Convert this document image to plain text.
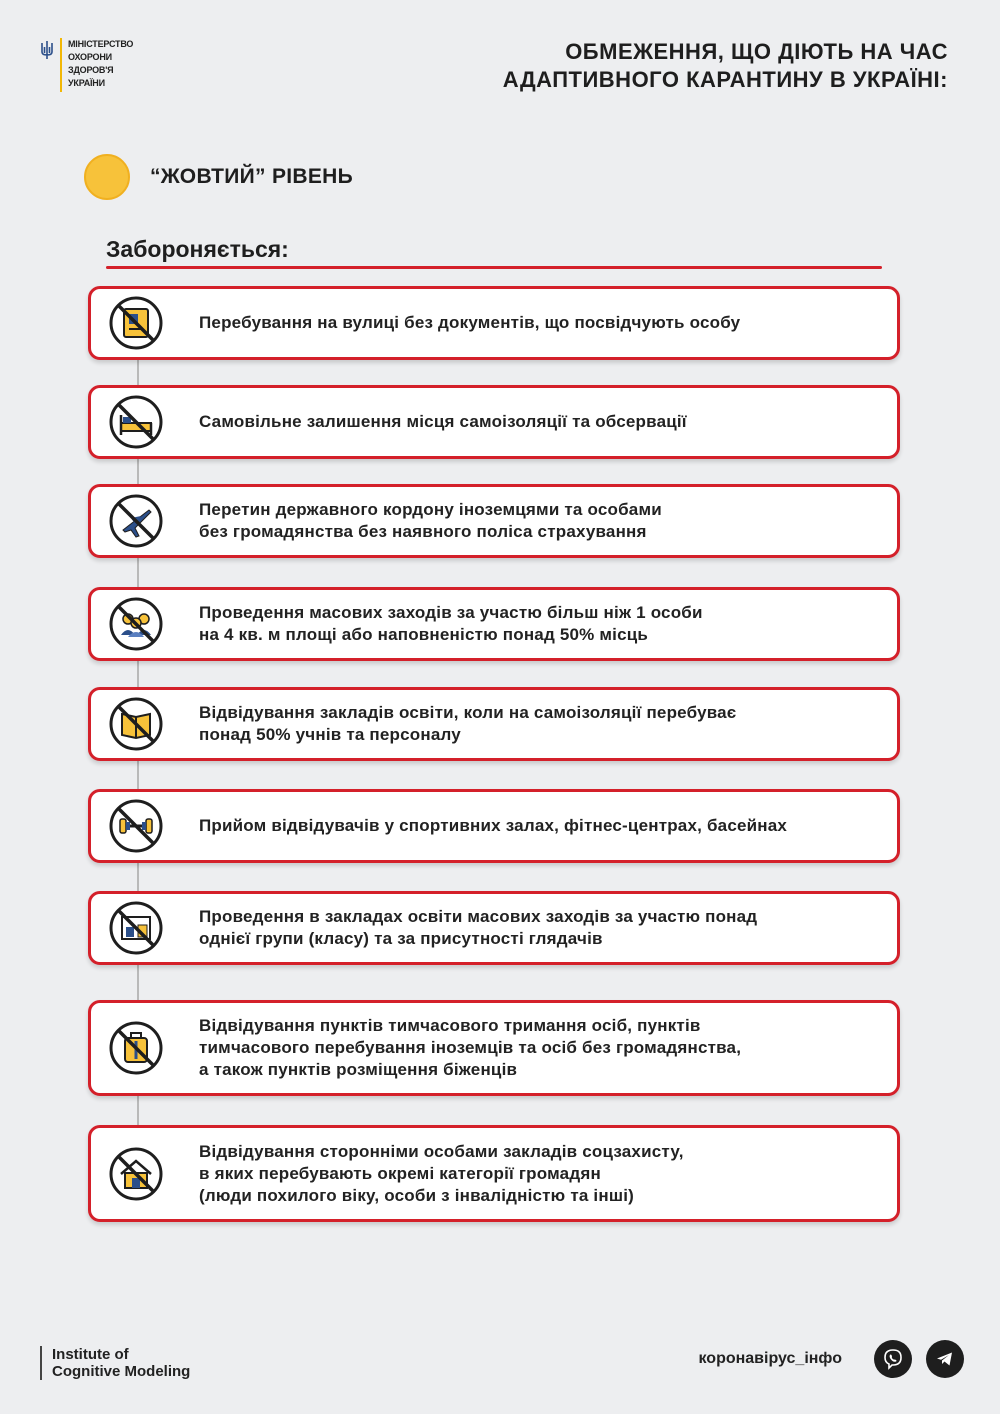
МІНІСТЕРСТВО
ОХОРОНИ
ЗДОРОВ'Я
УКРАЇНИ
ОБМЕЖЕННЯ, ЩО ДІЮТЬ НА ЧАС
АДАПТИВНОГО КАРАНТИНУ В УКРАЇНІ:
“ЖОВТИЙ” РІВЕНЬ
Забороняється:
Перебування на вулиці без документів, що посвідчують особу
Самовільне залишення місця самоізоляції та обсервації
Перетин державного кордону іноземцями та особами
без громадянства без наявного поліса страхування
Проведення масових заходів за участю більш ніж 1 особи
на 4 кв. м площі або наповненістю понад 50% місць
Відвідування закладів освіти, коли на самоізоляції перебуває
понад 50% учнів та персоналу
Прийом відвідувачів у спортивних залах, фітнес-центрах, басейнах
Проведення в закладах освіти масових заходів за участю понад
однієї групи (класу) та за присутності глядачів
Відвідування пунктів тимчасового тримання осіб, пунктів
тимчасового перебування іноземців та осіб без громадянства,
а також пунктів розміщення біженців
Відвідування сторонніми особами закладів соцзахисту,
в яких перебувають окремі категорії громадян
(люди похилого віку, особи з інвалідністю та інші)
Institute of
Cognitive Modeling
коронавірус_інфо
